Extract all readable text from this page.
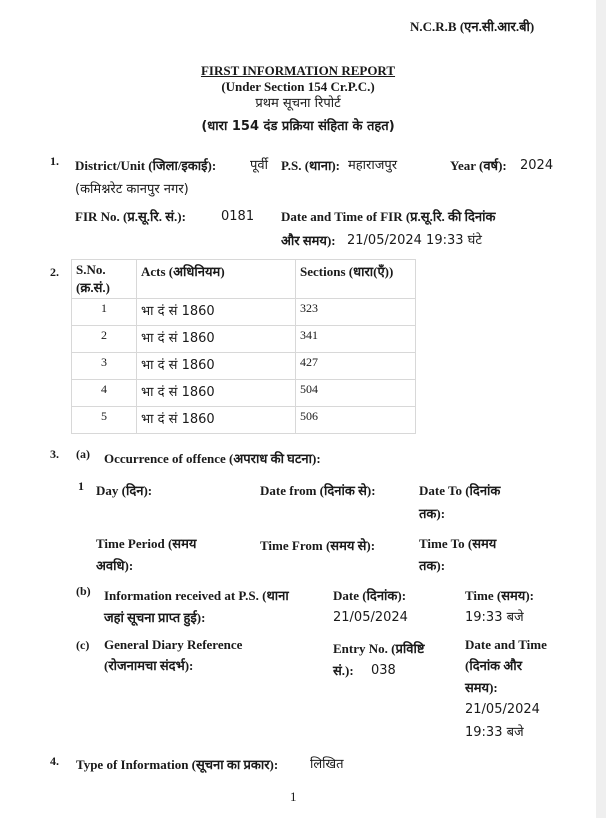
N.C.R.B (एन.सी.आर.बी)
FIRST INFORMATION REPORT
(Under Section 154 Cr.P.C.)
प्रथम सूचना रिपोर्ट
(धारा 154 दंड प्रक्रिया संहिता के तहत)
1. District/Unit (जिला/इकाई):	पूर्वी
(कमिश्नरेट कानपुर नगर)
P.S. (थाना): महाराजपुर	Year (वर्ष): 2024
FIR No. (प्र.सू.रि. सं.):	0181 Date and Time of FIR (प्र.सू.रि. की दिनांक
और समय): 21/05/2024 19:33 घंटे
2. S.No. (क्र.सं.)	Acts (अधिनियम)	Sections (धारा(एँ))
1	भा दं सं 1860	323
2	भा दं सं 1860	341
3	भा दं सं 1860	427
4	भा दं सं 1860	504
5	भा दं सं 1860	506
3. (a) Occurrence of offence (अपराध की घटना):
1 Day (दिन):	Date from (दिनांक से):	Date To (दिनांक
तक):
Time Period (समय
अवधि):
Time From (समय से):	Time To (समय
तक):
(b) Information received at P.S. (थाना
जहां सूचना प्राप्त हुई):
Date (दिनांक):
21/05/2024
Time (समय):
19:33 बजे
(c) General Diary Reference
(रोजनामचा संदर्भ):
Entry No. (प्रविष्टि
सं.): 038
Date and Time
(दिनांक और
समय):
21/05/2024
19:33 बजे
4. Type of Information (सूचना का प्रकार): लिखित
1
